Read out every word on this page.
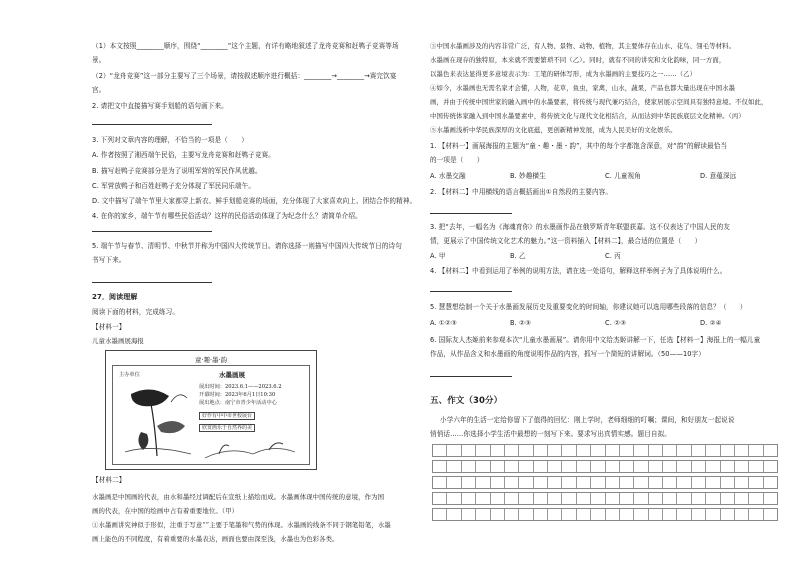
（1）本文按照________顺序，围绕“________”这个主题，有详有略地叙述了龙舟竞赛和赶鸭子竞赛等场
景。
（2）“龙舟竞赛”这一部分主要写了三个场景，请按叙述顺序进行概括：________→________→赛完饮宴
宫。
2. 请把文中直接描写赛手划船的语句画下来。
3. 下列对文章内容的理解，不恰当的一项是（　　）
A. 作者按照了湘西端午民俗，主要写龙舟竞赛和赶鸭子竞赛。
B. 描写赶鸭子竞赛部分是为了说明军营的军民作风优越。
C. 军营放鸭子和百姓赶鸭子充分体现了军民同乐端午。
D. 文中描写了端午节里大家都穿上新衣、鲜手划船竞赛的场面，充分体现了大家喜欢向上、团结合作的精神。
4. 在你的家乡，端午节有哪些民俗活动？这样的民俗活动体现了为纪念什么？请简单介绍。
5. 端午节与春节、清明节、中秋节并称为中国四大传统节日。请你选择一则描写中国四大传统节日的诗句
书写下来。
27．阅读理解
阅读下面的材料，完成练习。
【材料一】
儿童水墨画展海报
童·趣·墨·韵
主办单位	水墨画展
展出时间：2023.6.1——2023.6.2
开幕时间：2023年6月1日10:30
展出地点：南宁市青少年活动中心
好作有中中市世校展台
欣赏画乐于自然界的美
【材料二】
水墨画是中国画的代表，由水和墨经过调配后在宣纸上描绘而成。水墨画体现中国传统的意境，作为国
画的代表，在中国的绘画中占有着重要地位。（甲）
①水墨画讲究神似于形似，注重于写意“”主要于笔墨和气势的体现。水墨画的线条不同于钢笔铅笔，水墨
画上能色的不同程度，有着重要的水墨表达，画面也要由深至浅，水墨也为色彩各类。
③中国水墨画涉及的内容非常广泛，有人物、景物、动物、植物，其主要体存在山水、花鸟、翎毛等材料。
水墨画在现存的独特原，本来就不需要繁琐不同（乙）。同时，就有不同的讲究和文化韵味，同一方面，
以墨色来表达显得更多意境表示为：工笔的研体写形，成为水墨画的主要技巧之一……（乙）
④如今，水墨画也无需名家才会懂，人物，花草，鱼虫，家禽，山水，蔬果，产品也都大量出现在中国水墨
画，并由于传统中国世家的融入画中的水墨要素，将传统与现代兼巧结合，使家居展示空间具有独特意境。不仅如此，
中国传统体家融入到中国水墨要素中，将传统文化与现代文化相结合，从而达到中华民族底层文化精神。（丙）
⑤水墨画浅析中华民族深厚的文化底蕴，更创新精神发展，成为人民美好的文化娱乐。
1. 【材料一】画展海报的主题为“童・趣・墨・韵”，其中的每个字都饱含深意，对“韵”的解读最恰当
的一项是（　　）
A. 水墨交融	B. 妙趣横生	C. 儿童视角	D. 意蕴深远
2. 【材料二】中用横线的语言概括画出①自然段的主要内容。
3. 把“去年，一幅名为《海魂育你》的水墨画作品在俄罗斯青年联盟获嘉。这不仅表达了中国人民的友
情，更展示了中国传统文化艺术的魅力。”这一资料插入【材料二】，最合适的位置是（　　）
A. 甲	B. 乙	C. 丙
4. 【材料二】中看到运用了举例的说明方法，请在选一处语句，解释这样举例子为了具体说明什么。
5. 慧慧想绘制一个关于水墨画发展历史及重要变化的时间轴，你建议她可以选用哪些段落的信息？（　　）
A. ①②③	B. ②③	C. ②③	D. ②④
6. 国际友人杰姬前来参观本次“儿童水墨画展”。请你用中文给杰姬讲解一下，任选【材料一】海报上的一幅儿童
作品，从作品含义和水墨画的角度说明作品的内容，抓写一个简短的讲解词。（50——10字）
五、作文（30分）
小学六年的生活一定给你留下了值得的回忆：刚上学时，老师细细的叮嘱；课间，和好朋友一起说说
悄悄话……你选择小学生活中最想的一刻写下来。要求写出真情实感。题目自拟。
